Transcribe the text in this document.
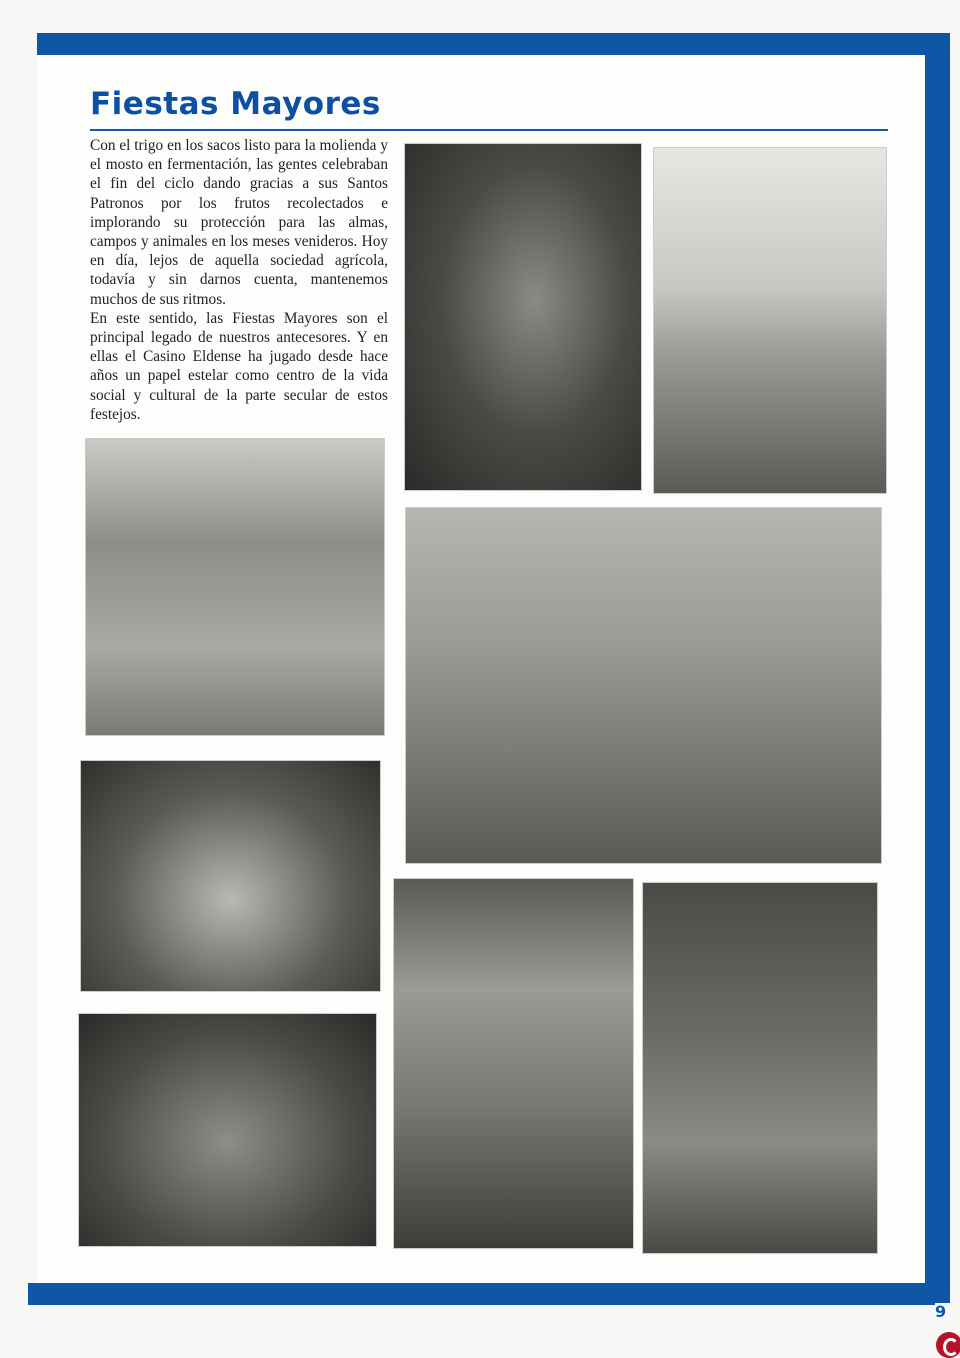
Fiestas Mayores

Con el trigo en los sacos listo para la molienda y el mosto en fermentación, las gentes celebraban el fin del ciclo dando gracias a sus Santos Patronos por los frutos recolectados e implorando su protección para las almas, campos y animales en los meses venideros. Hoy en día, lejos de aquella sociedad agrícola, todavía y sin darnos cuenta, mantenemos muchos de sus ritmos.

En este sentido, las Fiestas Mayores son el principal legado de nuestros antecesores. Y en ellas el Casino Eldense ha jugado desde hace años un papel estelar como centro de la vida social y cultural de la parte secular de estos festejos.

9
